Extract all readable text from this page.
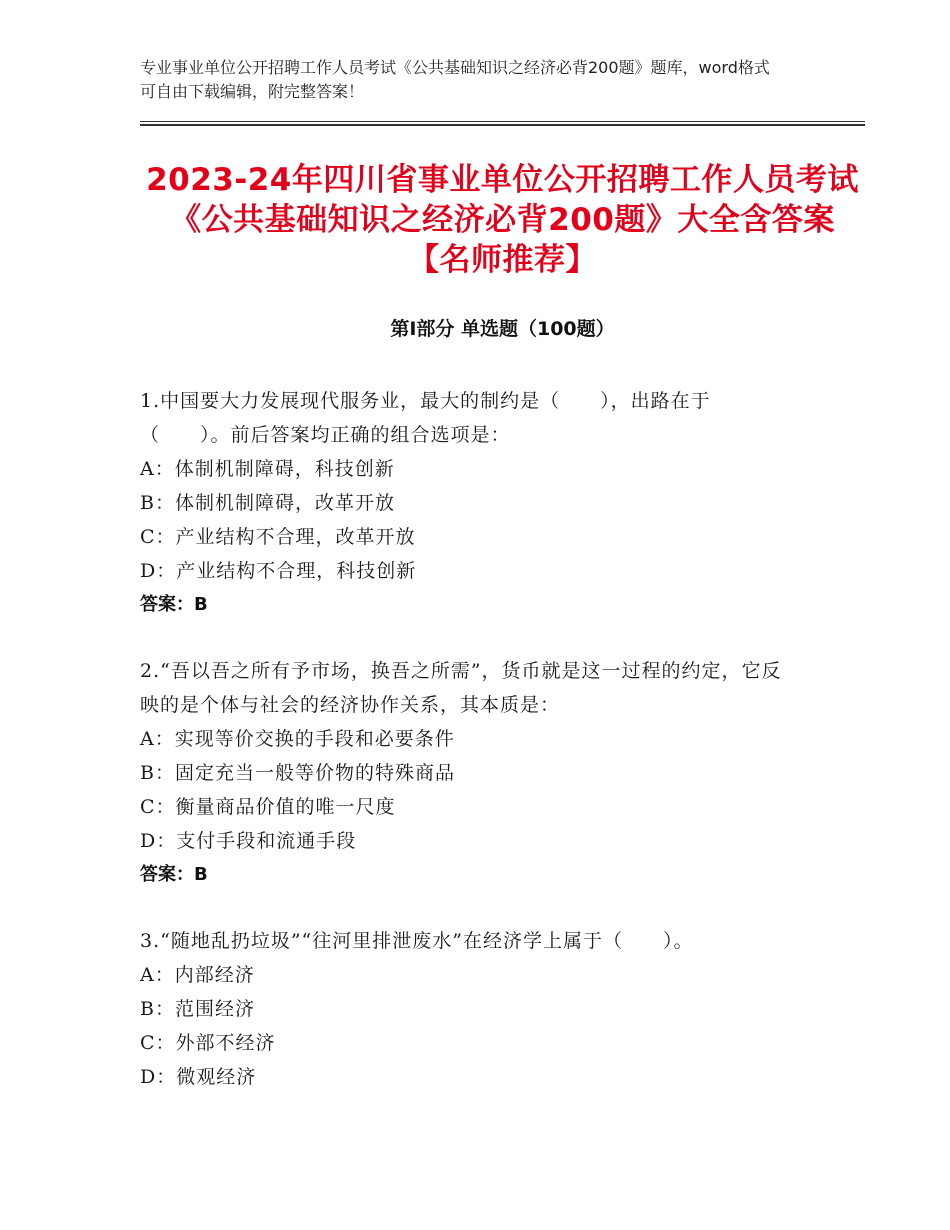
专业事业单位公开招聘工作人员考试《公共基础知识之经济必背200题》题库，word格式可自由下载编辑，附完整答案！
2023-24年四川省事业单位公开招聘工作人员考试《公共基础知识之经济必背200题》大全含答案【名师推荐】
第Ⅰ部分 单选题（100题）
1.中国要大力发展现代服务业，最大的制约是（　　），出路在于（　　）。前后答案均正确的组合选项是：
A：体制机制障碍，科技创新
B：体制机制障碍，改革开放
C：产业结构不合理，改革开放
D：产业结构不合理，科技创新
答案：B
2.“吾以吾之所有予市场，换吾之所需”，货币就是这一过程的约定，它反映的是个体与社会的经济协作关系，其本质是：
A：实现等价交换的手段和必要条件
B：固定充当一般等价物的特殊商品
C：衡量商品价值的唯一尺度
D：支付手段和流通手段
答案：B
3.“随地乱扔垃圾”“往河里排泄废水”在经济学上属于（　　）。
A：内部经济
B：范围经济
C：外部不经济
D：微观经济
